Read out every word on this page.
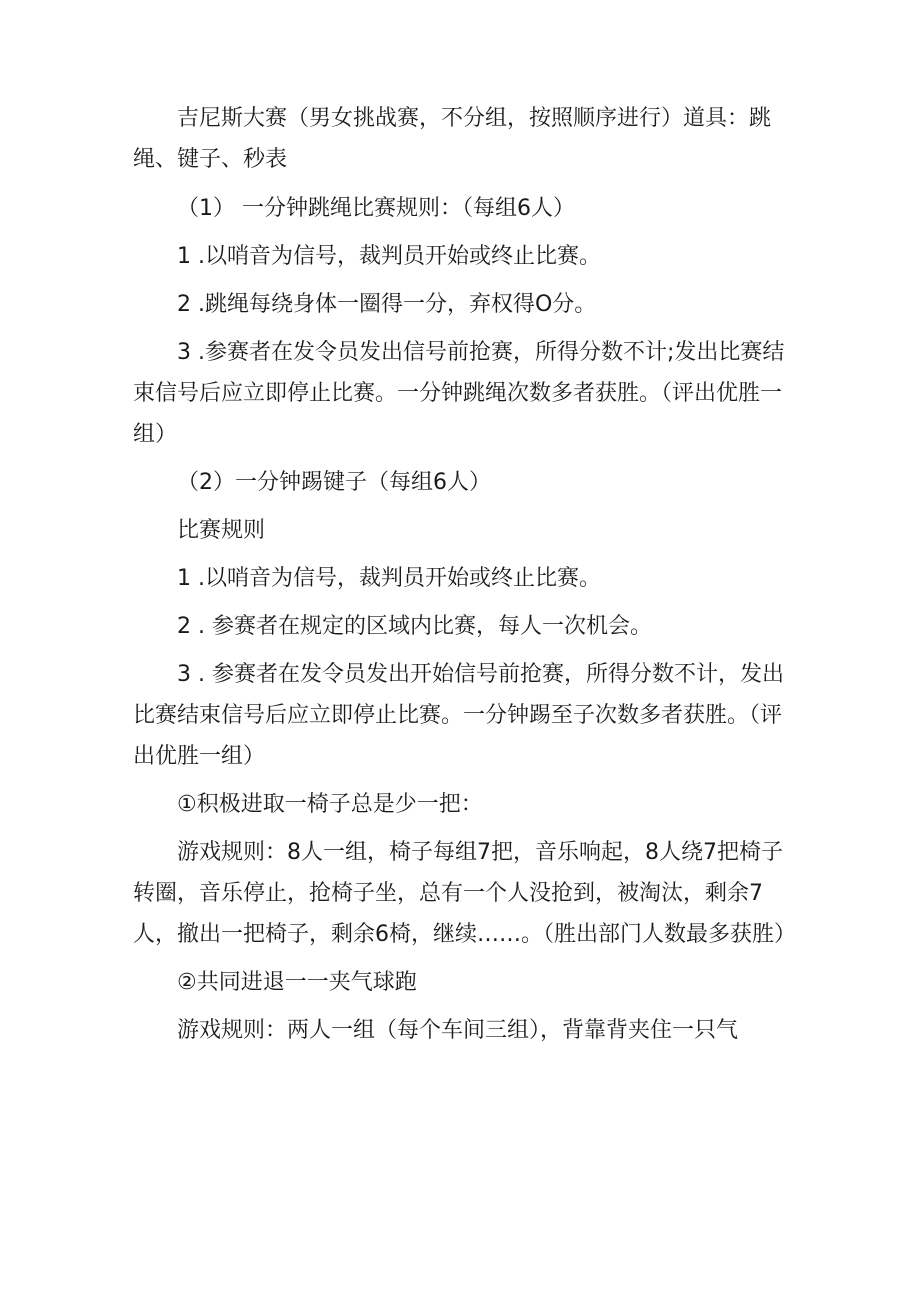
吉尼斯大赛（男女挑战赛，不分组，按照顺序进行）道具：跳绳、键子、秒表

（1） 一分钟跳绳比赛规则：（每组6人）

1 .以哨音为信号，裁判员开始或终止比赛。

2 .跳绳每绕身体一圈得一分，弃权得O分。

3 .参赛者在发令员发出信号前抢赛，所得分数不计;发出比赛结束信号后应立即停止比赛。一分钟跳绳次数多者获胜。（评出优胜一组）

（2）一分钟踢键子（每组6人）

比赛规则

1 .以哨音为信号，裁判员开始或终止比赛。

2 . 参赛者在规定的区域内比赛，每人一次机会。

3 . 参赛者在发令员发出开始信号前抢赛，所得分数不计，发出比赛结束信号后应立即停止比赛。一分钟踢至子次数多者获胜。（评出优胜一组）

①积极进取一椅子总是少一把：

游戏规则：8人一组，椅子每组7把，音乐响起，8人绕7把椅子转圈，音乐停止，抢椅子坐，总有一个人没抢到，被淘汰，剩余7人，撤出一把椅子，剩余6椅，继续……。（胜出部门人数最多获胜）

②共同进退一一夹气球跑

游戏规则：两人一组（每个车间三组），背靠背夹住一只气
